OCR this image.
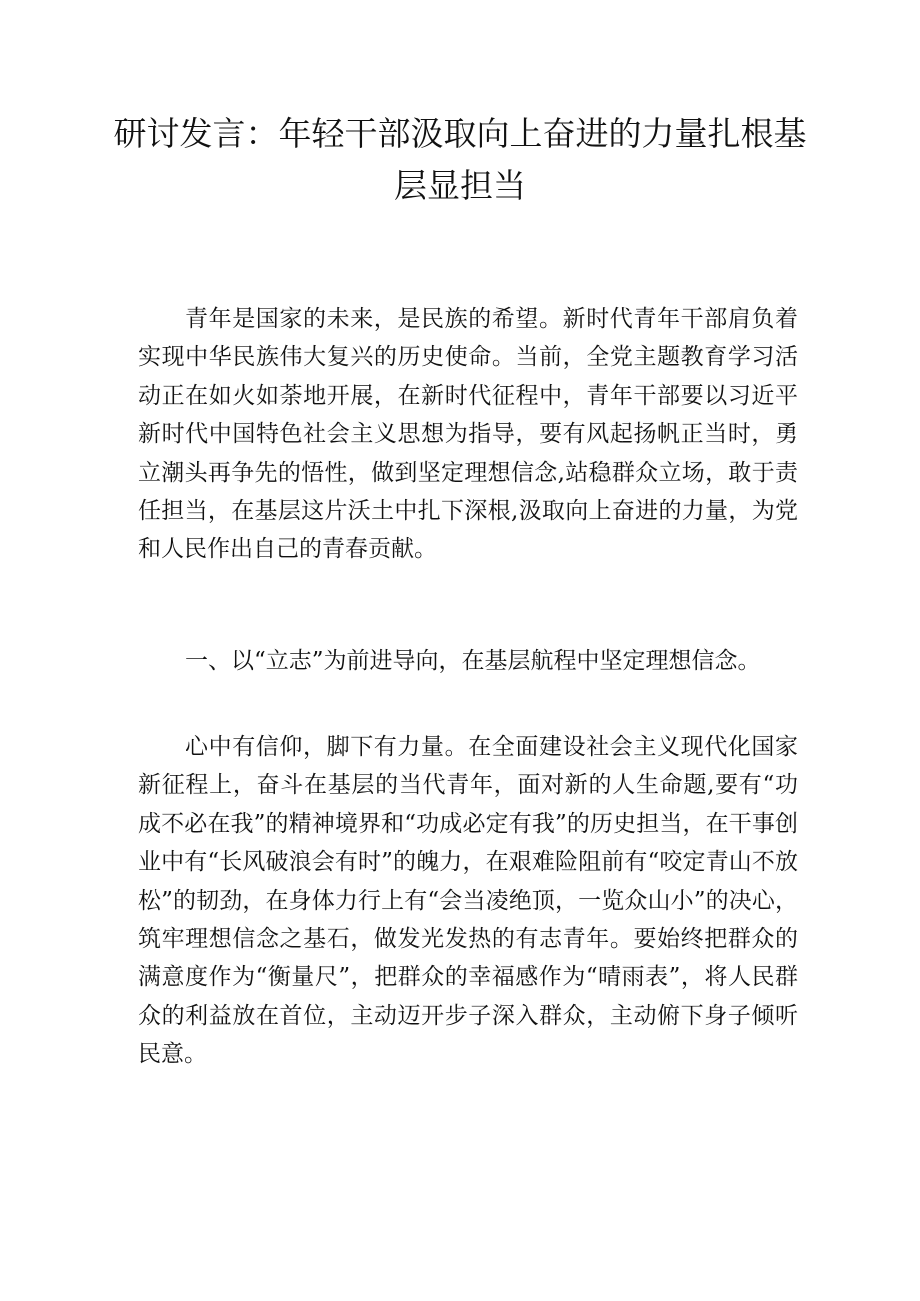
研讨发言：年轻干部汲取向上奋进的力量扎根基层显担当

青年是国家的未来，是民族的希望。新时代青年干部肩负着实现中华民族伟大复兴的历史使命。当前，全党主题教育学习活动正在如火如荼地开展，在新时代征程中，青年干部要以习近平新时代中国特色社会主义思想为指导，要有风起扬帆正当时，勇立潮头再争先的悟性，做到坚定理想信念,站稳群众立场，敢于责任担当，在基层这片沃土中扎下深根,汲取向上奋进的力量，为党和人民作出自己的青春贡献。

一、以“立志”为前进导向，在基层航程中坚定理想信念。

心中有信仰，脚下有力量。在全面建设社会主义现代化国家新征程上，奋斗在基层的当代青年，面对新的人生命题,要有“功成不必在我”的精神境界和“功成必定有我”的历史担当，在干事创业中有“长风破浪会有时”的魄力，在艰难险阻前有“咬定青山不放松”的韧劲，在身体力行上有“会当凌绝顶，一览众山小”的决心，筑牢理想信念之基石，做发光发热的有志青年。要始终把群众的满意度作为“衡量尺”，把群众的幸福感作为“晴雨表”，将人民群众的利益放在首位，主动迈开步子深入群众，主动俯下身子倾听民意。
